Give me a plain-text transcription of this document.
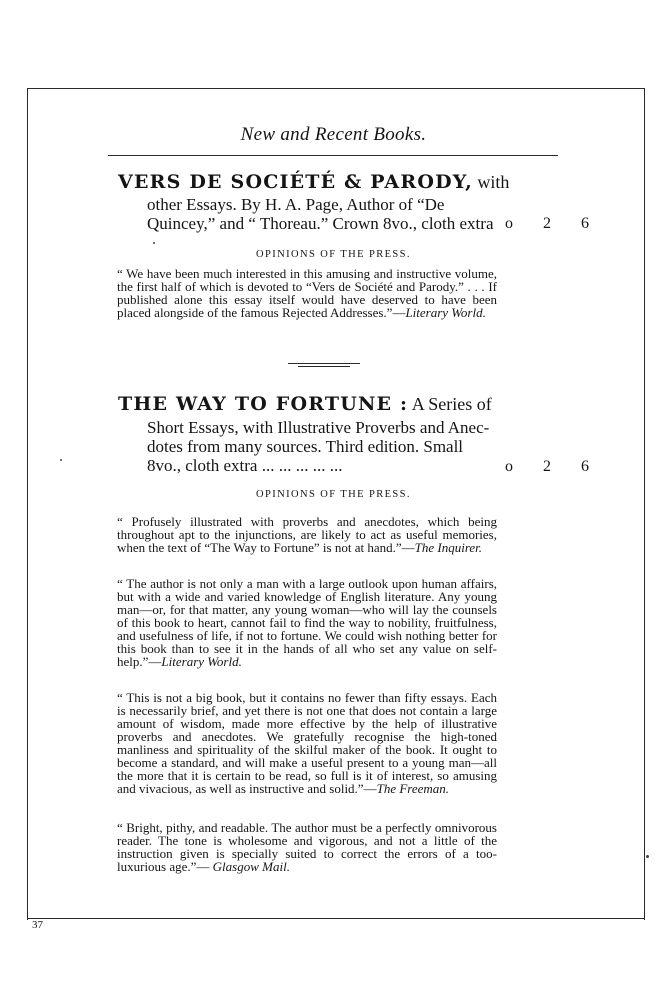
New and Recent Books.
VERS DE SOCIÉTÉ & PARODY, with
other Essays. By H. A. Page, Author of “De
Quincey,” and “ Thoreau.” Crown 8vo., cloth extra o 2 6
OPINIONS OF THE PRESS.
“ We have been much interested in this amusing and instructive volume, the first half of which is devoted to “Vers de Société and Parody.” . . . If published alone this essay itself would have deserved to have been placed alongside of the famous Rejected Addresses.”—Literary World.
THE WAY TO FORTUNE : A Series of
Short Essays, with Illustrative Proverbs and Anec-
dotes from many sources. Third edition. Small
8vo., cloth extra ... ... ... ... ...	o 2 6
OPINIONS OF THE PRESS.
“ Profusely illustrated with proverbs and anecdotes, which being throughout apt to the injunctions, are likely to act as useful memories, when the text of “The Way to Fortune” is not at hand.”—The Inquirer.
“ The author is not only a man with a large outlook upon human affairs, but with a wide and varied knowledge of English literature. Any young man—or, for that matter, any young woman—who will lay the counsels of this book to heart, cannot fail to find the way to nobility, fruitfulness, and usefulness of life, if not to fortune. We could wish nothing better for this book than to see it in the hands of all who set any value on self-help.”—Literary World.
“ This is not a big book, but it contains no fewer than fifty essays. Each is necessarily brief, and yet there is not one that does not contain a large amount of wisdom, made more effective by the help of illustrative proverbs and anecdotes. We gratefully recognise the high-toned manliness and spirituality of the skilful maker of the book. It ought to become a standard, and will make a useful present to a young man—all the more that it is certain to be read, so full is it of interest, so amusing and vivacious, as well as instructive and solid.”—The Freeman.
“ Bright, pithy, and readable. The author must be a perfectly omnivorous reader. The tone is wholesome and vigorous, and not a little of the instruction given is specially suited to correct the errors of a too-luxurious age.”— Glasgow Mail.
37
